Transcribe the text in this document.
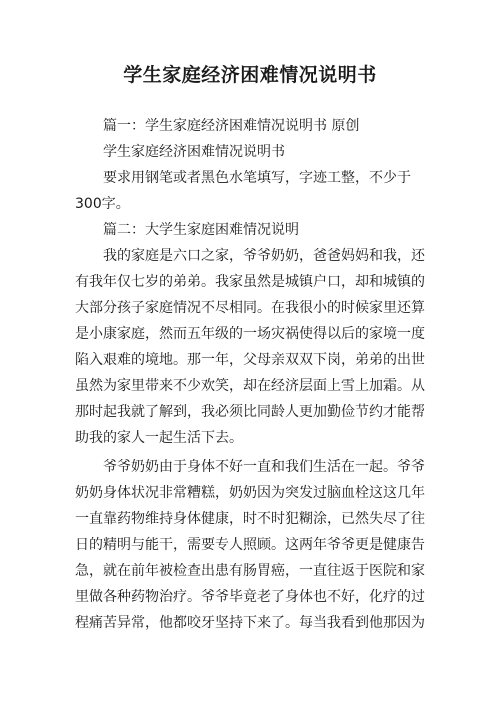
学生家庭经济困难情况说明书
篇一：学生家庭经济困难情况说明书 原创
学生家庭经济困难情况说明书
要求用钢笔或者黑色水笔填写，字迹工整，不少于
300字。
篇二：大学生家庭困难情况说明
我的家庭是六口之家，爷爷奶奶，爸爸妈妈和我，还
有我年仅七岁的弟弟。我家虽然是城镇户口，却和城镇的
大部分孩子家庭情况不尽相同。在我很小的时候家里还算
是小康家庭，然而五年级的一场灾祸使得以后的家境一度
陷入艰难的境地。那一年，父母亲双双下岗，弟弟的出世
虽然为家里带来不少欢笑，却在经济层面上雪上加霜。从
那时起我就了解到，我必须比同龄人更加勤俭节约才能帮
助我的家人一起生活下去。
爷爷奶奶由于身体不好一直和我们生活在一起。爷爷
奶奶身体状况非常糟糕，奶奶因为突发过脑血栓这这几年
一直靠药物维持身体健康，时不时犯糊涂，已然失尽了往
日的精明与能干，需要专人照顾。这两年爷爷更是健康告
急，就在前年被检查出患有肠胃癌，一直往返于医院和家
里做各种药物治疗。爷爷毕竟老了身体也不好，化疗的过
程痛苦异常，他都咬牙坚持下来了。每当我看到他那因为
